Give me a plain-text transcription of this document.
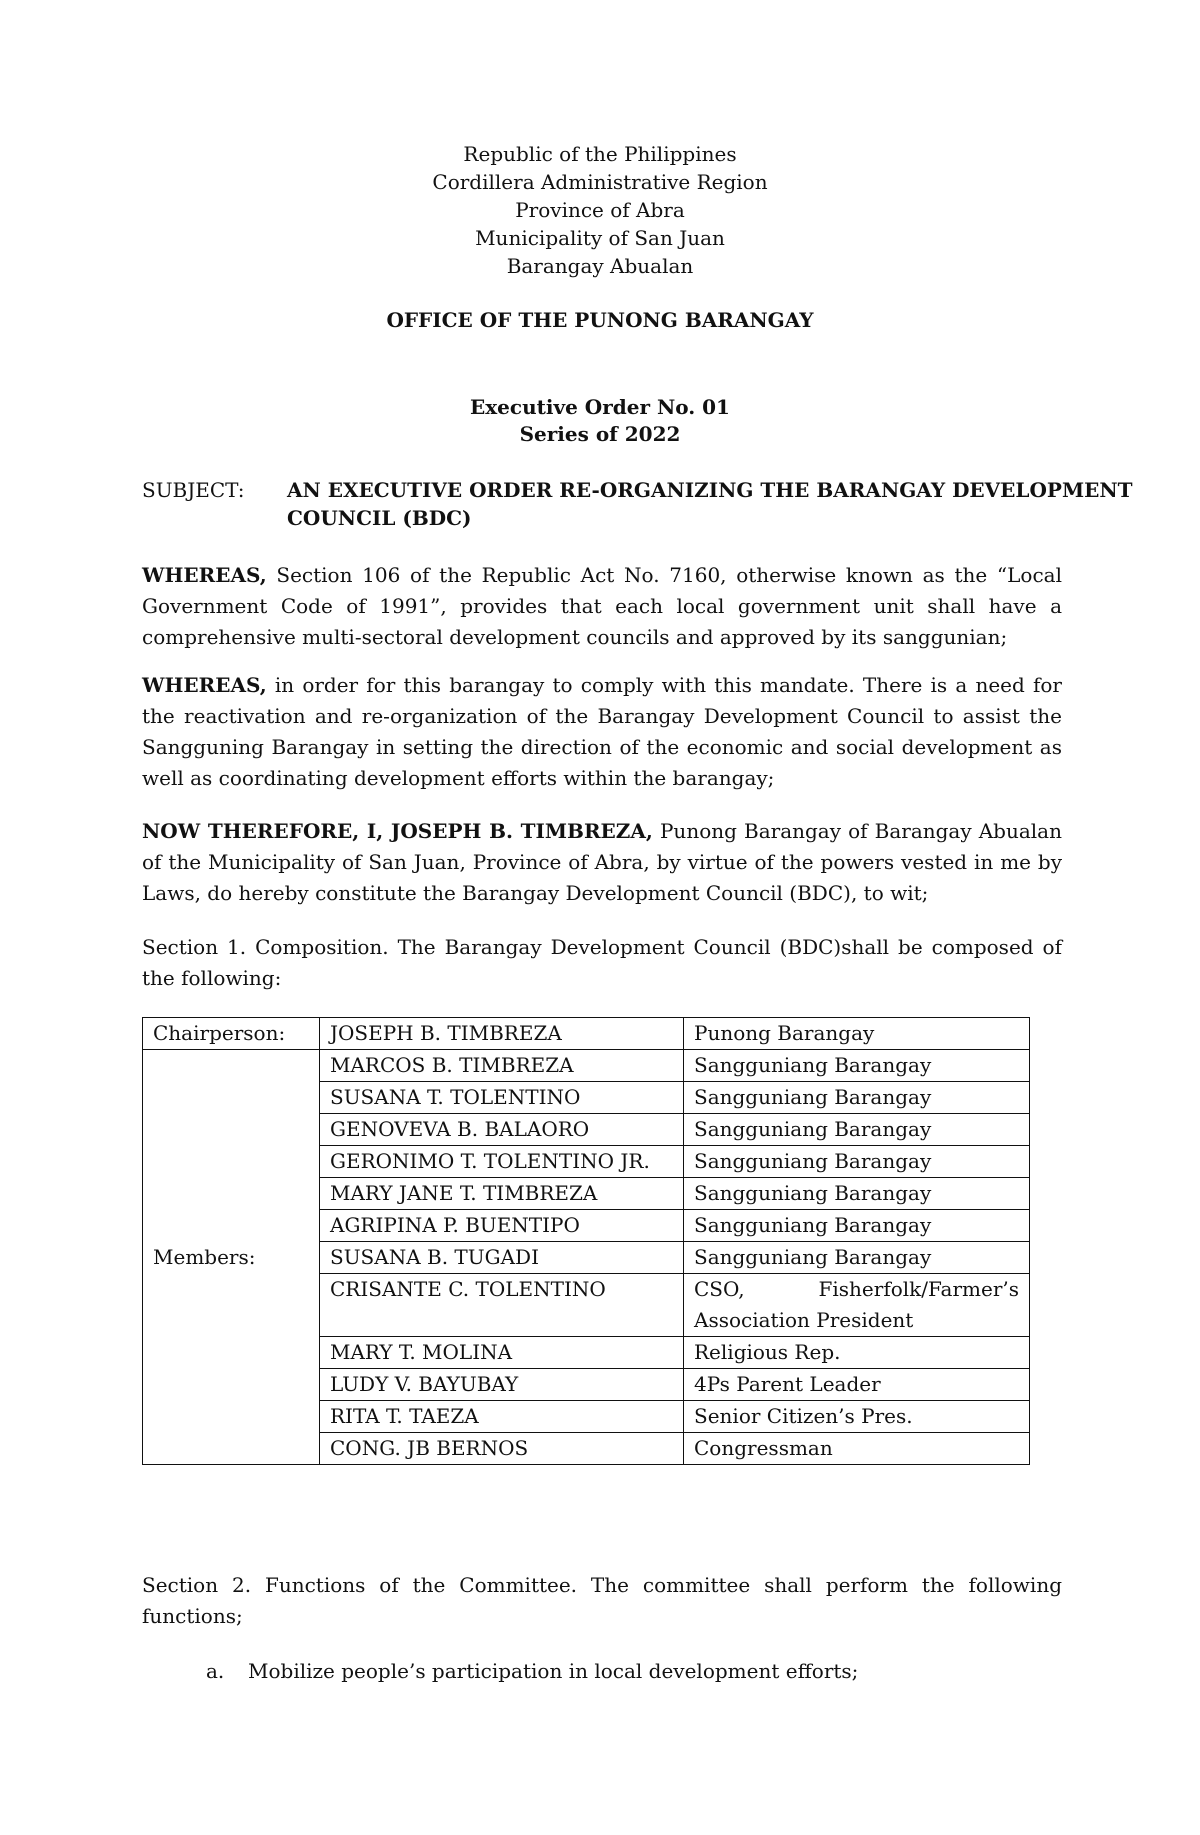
Republic of the Philippines
Cordillera Administrative Region
Province of Abra
Municipality of San Juan
Barangay Abualan
OFFICE OF THE PUNONG BARANGAY
Executive Order No. 01
Series of 2022
SUBJECT: AN EXECUTIVE ORDER RE-ORGANIZING THE BARANGAY DEVELOPMENT COUNCIL (BDC)
WHEREAS, Section 106 of the Republic Act No. 7160, otherwise known as the “Local Government Code of 1991”, provides that each local government unit shall have a comprehensive multi-sectoral development councils and approved by its sanggunian;
WHEREAS, in order for this barangay to comply with this mandate. There is a need for the reactivation and re-organization of the Barangay Development Council to assist the Sangguning Barangay in setting the direction of the economic and social development as well as coordinating development efforts within the barangay;
NOW THEREFORE, I, JOSEPH B. TIMBREZA, Punong Barangay of Barangay Abualan of the Municipality of San Juan, Province of Abra, by virtue of the powers vested in me by Laws, do hereby constitute the Barangay Development Council (BDC), to wit;
Section 1. Composition. The Barangay Development Council (BDC)shall be composed of the following:
Chairperson:	JOSEPH B. TIMBREZA	Punong Barangay
Members:	MARCOS B. TIMBREZA	Sangguniang Barangay
	SUSANA T. TOLENTINO	Sangguniang Barangay
	GENOVEVA B. BALAORO	Sangguniang Barangay
	GERONIMO T. TOLENTINO JR.	Sangguniang Barangay
	MARY JANE T. TIMBREZA	Sangguniang Barangay
	AGRIPINA P. BUENTIPO	Sangguniang Barangay
	SUSANA B. TUGADI	Sangguniang Barangay
	CRISANTE C. TOLENTINO	CSO, Fisherfolk/Farmer’s
Association President

	MARY T. MOLINA	Religious Rep.
	LUDY V. BAYUBAY	4Ps Parent Leader
	RITA T. TAEZA	Senior Citizen’s Pres.
	CONG. JB BERNOS	Congressman
Section 2. Functions of the Committee. The committee shall perform the following functions;
a. Mobilize people’s participation in local development efforts;
